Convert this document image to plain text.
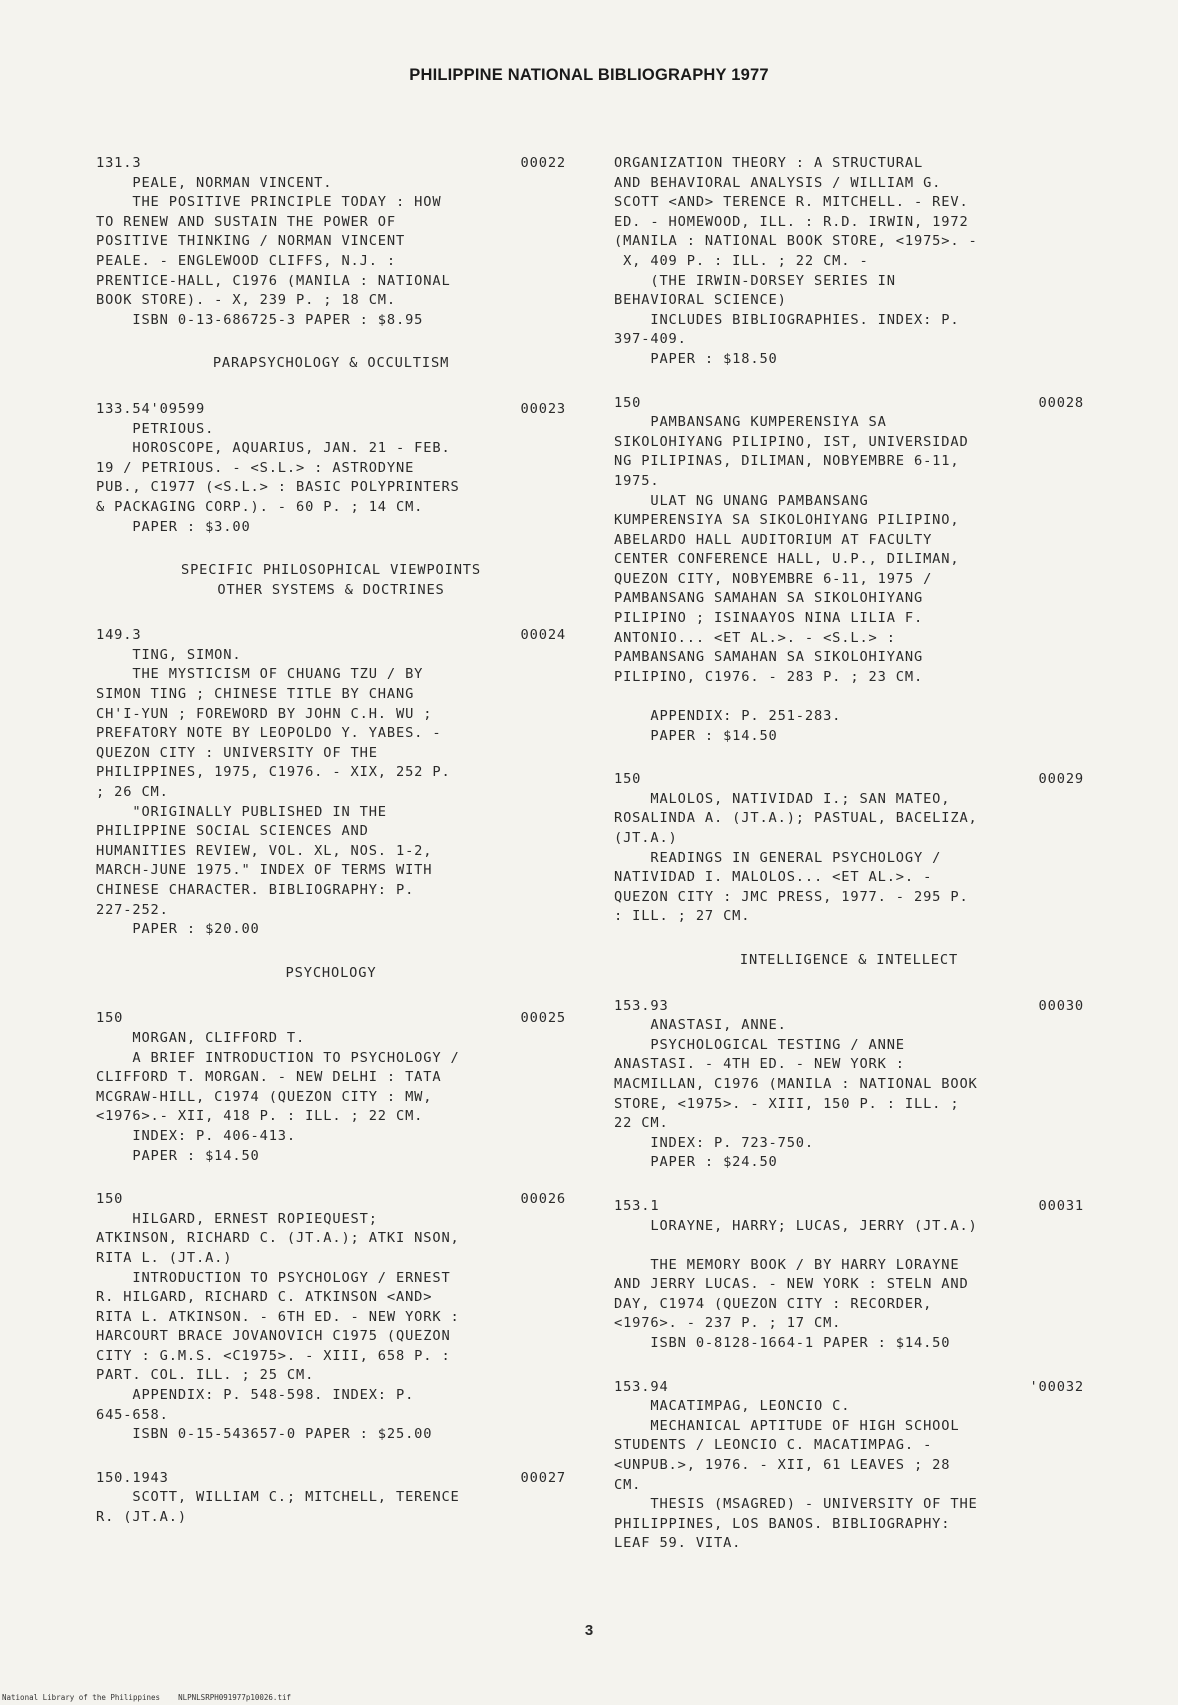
PHILIPPINE NATIONAL BIBLIOGRAPHY 1977
131.3	00022
PEALE, NORMAN VINCENT.
THE POSITIVE PRINCIPLE TODAY : HOW
TO RENEW AND SUSTAIN THE POWER OF
POSITIVE THINKING / NORMAN VINCENT
PEALE. - ENGLEWOOD CLIFFS, N.J. :
PRENTICE-HALL, C1976 (MANILA : NATIONAL
BOOK STORE). - X, 239 P. ; 18 CM.
ISBN 0-13-686725-3 PAPER : $8.95
PARAPSYCHOLOGY & OCCULTISM
133.54'09599	00023
PETRIOUS.
HOROSCOPE, AQUARIUS, JAN. 21 - FEB.
19 / PETRIOUS. - <S.L.> : ASTRODYNE
PUB., C1977 (<S.L.> : BASIC POLYPRINTERS
& PACKAGING CORP.). - 60 P. ; 14 CM.
PAPER : $3.00
SPECIFIC PHILOSOPHICAL VIEWPOINTS
OTHER SYSTEMS & DOCTRINES
149.3	00024
TING, SIMON.
THE MYSTICISM OF CHUANG TZU / BY
SIMON TING ; CHINESE TITLE BY CHANG
CH'I-YUN ; FOREWORD BY JOHN C.H. WU ;
PREFATORY NOTE BY LEOPOLDO Y. YABES. -
QUEZON CITY : UNIVERSITY OF THE
PHILIPPINES, 1975, C1976. - XIX, 252 P.
; 26 CM.
"ORIGINALLY PUBLISHED IN THE
PHILIPPINE SOCIAL SCIENCES AND
HUMANITIES REVIEW, VOL. XL, NOS. 1-2,
MARCH-JUNE 1975." INDEX OF TERMS WITH
CHINESE CHARACTER. BIBLIOGRAPHY: P.
227-252.
PAPER : $20.00
PSYCHOLOGY
150	00025
MORGAN, CLIFFORD T.
A BRIEF INTRODUCTION TO PSYCHOLOGY /
CLIFFORD T. MORGAN. - NEW DELHI : TATA
MCGRAW-HILL, C1974 (QUEZON CITY : MW,
<1976>.- XII, 418 P. : ILL. ; 22 CM.
INDEX: P. 406-413.
PAPER : $14.50
150	00026
HILGARD, ERNEST ROPIEQUEST;
ATKINSON, RICHARD C. (JT.A.); ATKI NSON,
RITA L. (JT.A.)
INTRODUCTION TO PSYCHOLOGY / ERNEST
R. HILGARD, RICHARD C. ATKINSON <AND>
RITA L. ATKINSON. - 6TH ED. - NEW YORK :
HARCOURT BRACE JOVANOVICH C1975 (QUEZON
CITY : G.M.S. <C1975>. - XIII, 658 P. :
PART. COL. ILL. ; 25 CM.
APPENDIX: P. 548-598. INDEX: P.
645-658.
ISBN 0-15-543657-0 PAPER : $25.00
150.1943	00027
SCOTT, WILLIAM C.; MITCHELL, TERENCE
R. (JT.A.)
ORGANIZATION THEORY : A STRUCTURAL
AND BEHAVIORAL ANALYSIS / WILLIAM G.
SCOTT <AND> TERENCE R. MITCHELL. - REV.
ED. - HOMEWOOD, ILL. : R.D. IRWIN, 1972
(MANILA : NATIONAL BOOK STORE, <1975>. -
X, 409 P. : ILL. ; 22 CM. -
(THE IRWIN-DORSEY SERIES IN
BEHAVIORAL SCIENCE)
INCLUDES BIBLIOGRAPHIES. INDEX: P.
397-409.
PAPER : $18.50
150	00028
PAMBANSANG KUMPERENSIYA SA
SIKOLOHIYANG PILIPINO, IST, UNIVERSIDAD
NG PILIPINAS, DILIMAN, NOBYEMBRE 6-11,
1975.
ULAT NG UNANG PAMBANSANG
KUMPERENSIYA SA SIKOLOHIYANG PILIPINO,
ABELARDO HALL AUDITORIUM AT FACULTY
CENTER CONFERENCE HALL, U.P., DILIMAN,
QUEZON CITY, NOBYEMBRE 6-11, 1975 /
PAMBANSANG SAMAHAN SA SIKOLOHIYANG
PILIPINO ; ISINAAYOS NINA LILIA F.
ANTONIO... <ET AL.>. - <S.L.> :
PAMBANSANG SAMAHAN SA SIKOLOHIYANG
PILIPINO, C1976. - 283 P. ; 23 CM.

APPENDIX: P. 251-283.
PAPER : $14.50
150	00029
MALOLOS, NATIVIDAD I.; SAN MATEO,
ROSALINDA A. (JT.A.); PASTUAL, BACELIZA,
(JT.A.)
READINGS IN GENERAL PSYCHOLOGY /
NATIVIDAD I. MALOLOS... <ET AL.>. -
QUEZON CITY : JMC PRESS, 1977. - 295 P.
: ILL. ; 27 CM.
INTELLIGENCE & INTELLECT
153.93	00030
ANASTASI, ANNE.
PSYCHOLOGICAL TESTING / ANNE
ANASTASI. - 4TH ED. - NEW YORK :
MACMILLAN, C1976 (MANILA : NATIONAL BOOK
STORE, <1975>. - XIII, 150 P. : ILL. ;
22 CM.
INDEX: P. 723-750.
PAPER : $24.50
153.1	00031
LORAYNE, HARRY; LUCAS, JERRY (JT.A.)

THE MEMORY BOOK / BY HARRY LORAYNE
AND JERRY LUCAS. - NEW YORK : STELN AND
DAY, C1974 (QUEZON CITY : RECORDER,
<1976>. - 237 P. ; 17 CM.
ISBN 0-8128-1664-1 PAPER : $14.50
153.94	'00032
MACATIMPAG, LEONCIO C.
MECHANICAL APTITUDE OF HIGH SCHOOL
STUDENTS / LEONCIO C. MACATIMPAG. -
<UNPUB.>, 1976. - XII, 61 LEAVES ; 28
CM.
THESIS (MSAGRED) - UNIVERSITY OF THE
PHILIPPINES, LOS BANOS. BIBLIOGRAPHY:
LEAF 59. VITA.
3
National Library of the Philippines    NLPNLSRPH091977p10026.tif
